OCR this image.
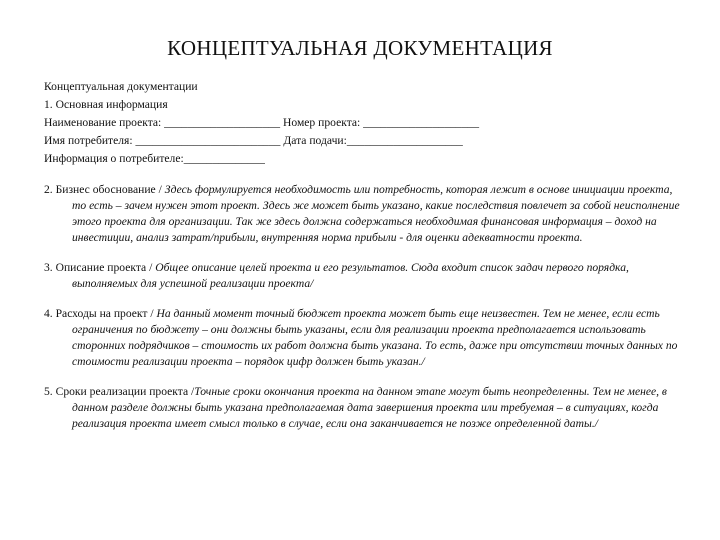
КОНЦЕПТУАЛЬНАЯ ДОКУМЕНТАЦИЯ
Концептуальная документации
1. Основная информация
Наименование проекта: ____________________ Номер проекта: ____________________
Имя потребителя: _________________________ Дата подачи:____________________
Информация о потребителе:______________
2. Бизнес обоснование / Здесь формулируется необходимость или потребность, которая лежит в основе инициации проекта, то есть – зачем нужен этот проект. Здесь же может быть указано, какие последствия повлечет за собой неисполнение этого проекта для организации. Так же здесь должна содержаться необходимая финансовая информация – доход на инвестиции, анализ затрат/прибыли, внутренняя норма прибыли - для оценки адекватности проекта.
3. Описание проекта / Общее описание целей проекта и его результатов. Сюда входит список задач первого порядка, выполняемых для успешной реализации проекта/
4. Расходы на проект / На данный момент точный бюджет проекта может быть еще неизвестен. Тем не менее, если есть ограничения по бюджету – они должны быть указаны, если для реализации проекта предполагается использовать сторонних подрядчиков – стоимость их работ должна быть указана. То есть, даже при отсутствии точных данных по стоимости реализации проекта – порядок цифр должен быть указан./
5. Сроки реализации проекта /Точные сроки окончания проекта на данном этапе могут быть неопределенны. Тем не менее, в данном разделе должны быть указана предполагаемая дата завершения проекта или требуемая – в ситуациях, когда реализация проекта имеет смысл только в случае, если она заканчивается не позже определенной даты./
